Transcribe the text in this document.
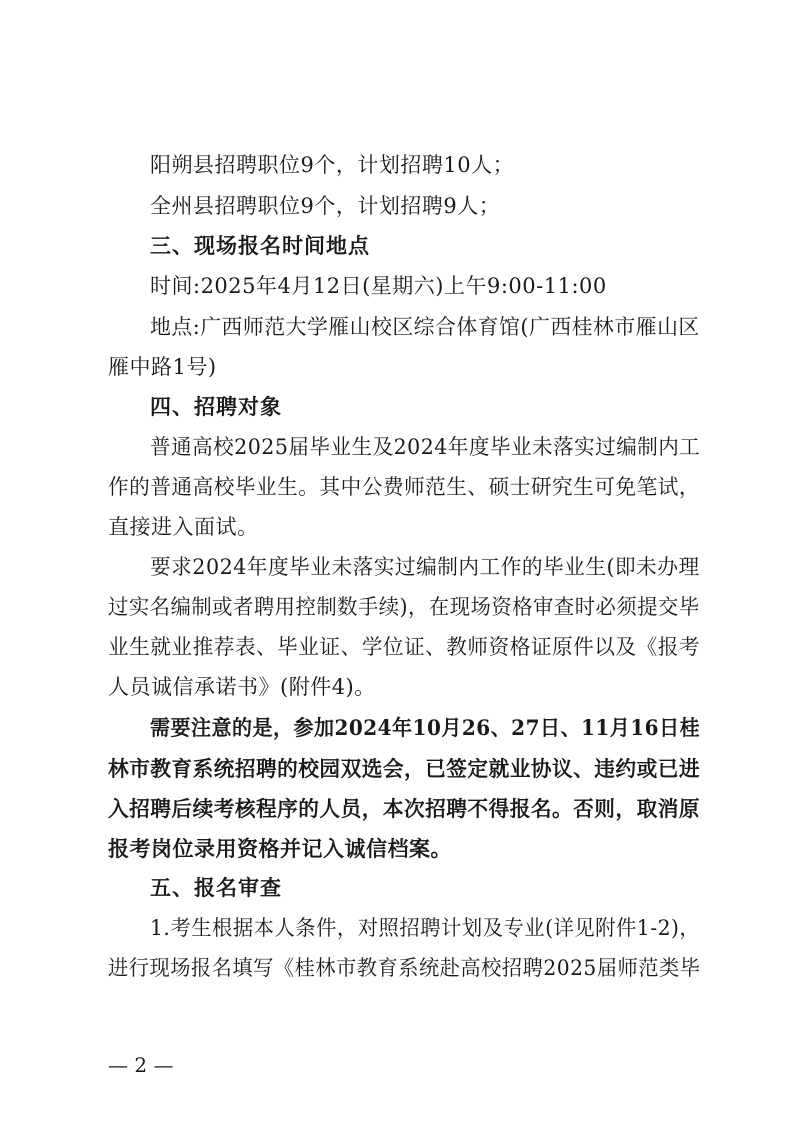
阳朔县招聘职位9个，计划招聘10人；
全州县招聘职位9个，计划招聘9人；
三、现场报名时间地点
时间:2025年4月12日(星期六)上午9:00-11:00
地点:广西师范大学雁山校区综合体育馆(广西桂林市雁山区
雁中路1号)
四、招聘对象
普通高校2025届毕业生及2024年度毕业未落实过编制内工
作的普通高校毕业生。其中公费师范生、硕士研究生可免笔试，
直接进入面试。
要求2024年度毕业未落实过编制内工作的毕业生(即未办理
过实名编制或者聘用控制数手续)，在现场资格审查时必须提交毕
业生就业推荐表、毕业证、学位证、教师资格证原件以及《报考
人员诚信承诺书》(附件4)。
需要注意的是，参加2024年10月26、27日、11月16日桂
林市教育系统招聘的校园双选会，已签定就业协议、违约或已进
入招聘后续考核程序的人员，本次招聘不得报名。否则，取消原
报考岗位录用资格并记入诚信档案。
五、报名审查
1.考生根据本人条件，对照招聘计划及专业(详见附件1-2)，
进行现场报名填写《桂林市教育系统赴高校招聘2025届师范类毕
— 2 —
